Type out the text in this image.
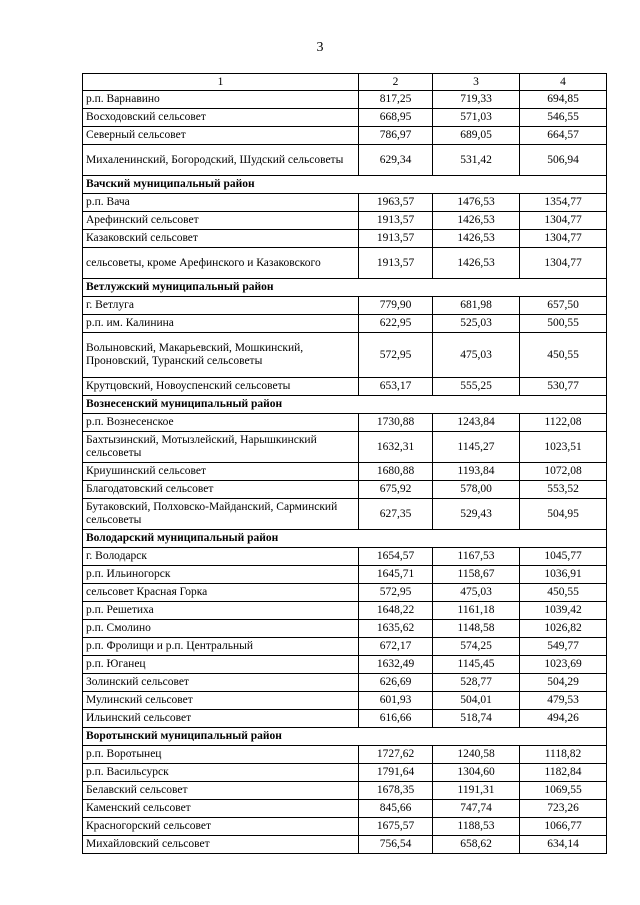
3
1	2	3	4
р.п. Варнавино	817,25	719,33	694,85
Восходовский сельсовет	668,95	571,03	546,55
Северный сельсовет	786,97	689,05	664,57
Михаленинский, Богородский, Шудский сельсоветы	629,34	531,42	506,94
Вачский муниципальный район			
р.п. Вача	1963,57	1476,53	1354,77
Арефинский сельсовет	1913,57	1426,53	1304,77
Казаковский сельсовет	1913,57	1426,53	1304,77
сельсоветы, кроме Арефинского и Казаковского	1913,57	1426,53	1304,77
Ветлужский муниципальный район			
г. Ветлуга	779,90	681,98	657,50
р.п. им. Калинина	622,95	525,03	500,55
Волыновский, Макарьевский, Мошкинский, Проновский, Туранский сельсоветы	572,95	475,03	450,55
Крутцовский, Новоуспенский сельсоветы	653,17	555,25	530,77
Вознесенский муниципальный район			
р.п. Вознесенское	1730,88	1243,84	1122,08
Бахтызинский, Мотызлейский, Нарышкинский сельсоветы	1632,31	1145,27	1023,51
Криушинский сельсовет	1680,88	1193,84	1072,08
Благодатовский сельсовет	675,92	578,00	553,52
Бутаковский, Полховско-Майданский, Сарминский сельсоветы	627,35	529,43	504,95
Володарский муниципальный район			
г. Володарск	1654,57	1167,53	1045,77
р.п. Ильиногорск	1645,71	1158,67	1036,91
сельсовет Красная Горка	572,95	475,03	450,55
р.п. Решетиха	1648,22	1161,18	1039,42
р.п. Смолино	1635,62	1148,58	1026,82
р.п. Фролищи и р.п. Центральный	672,17	574,25	549,77
р.п. Юганец	1632,49	1145,45	1023,69
Золинский сельсовет	626,69	528,77	504,29
Мулинский сельсовет	601,93	504,01	479,53
Ильинский сельсовет	616,66	518,74	494,26
Воротынский муниципальный район			
р.п. Воротынец	1727,62	1240,58	1118,82
р.п. Васильсурск	1791,64	1304,60	1182,84
Белавский сельсовет	1678,35	1191,31	1069,55
Каменский сельсовет	845,66	747,74	723,26
Красногорский сельсовет	1675,57	1188,53	1066,77
Михайловский сельсовет	756,54	658,62	634,14
